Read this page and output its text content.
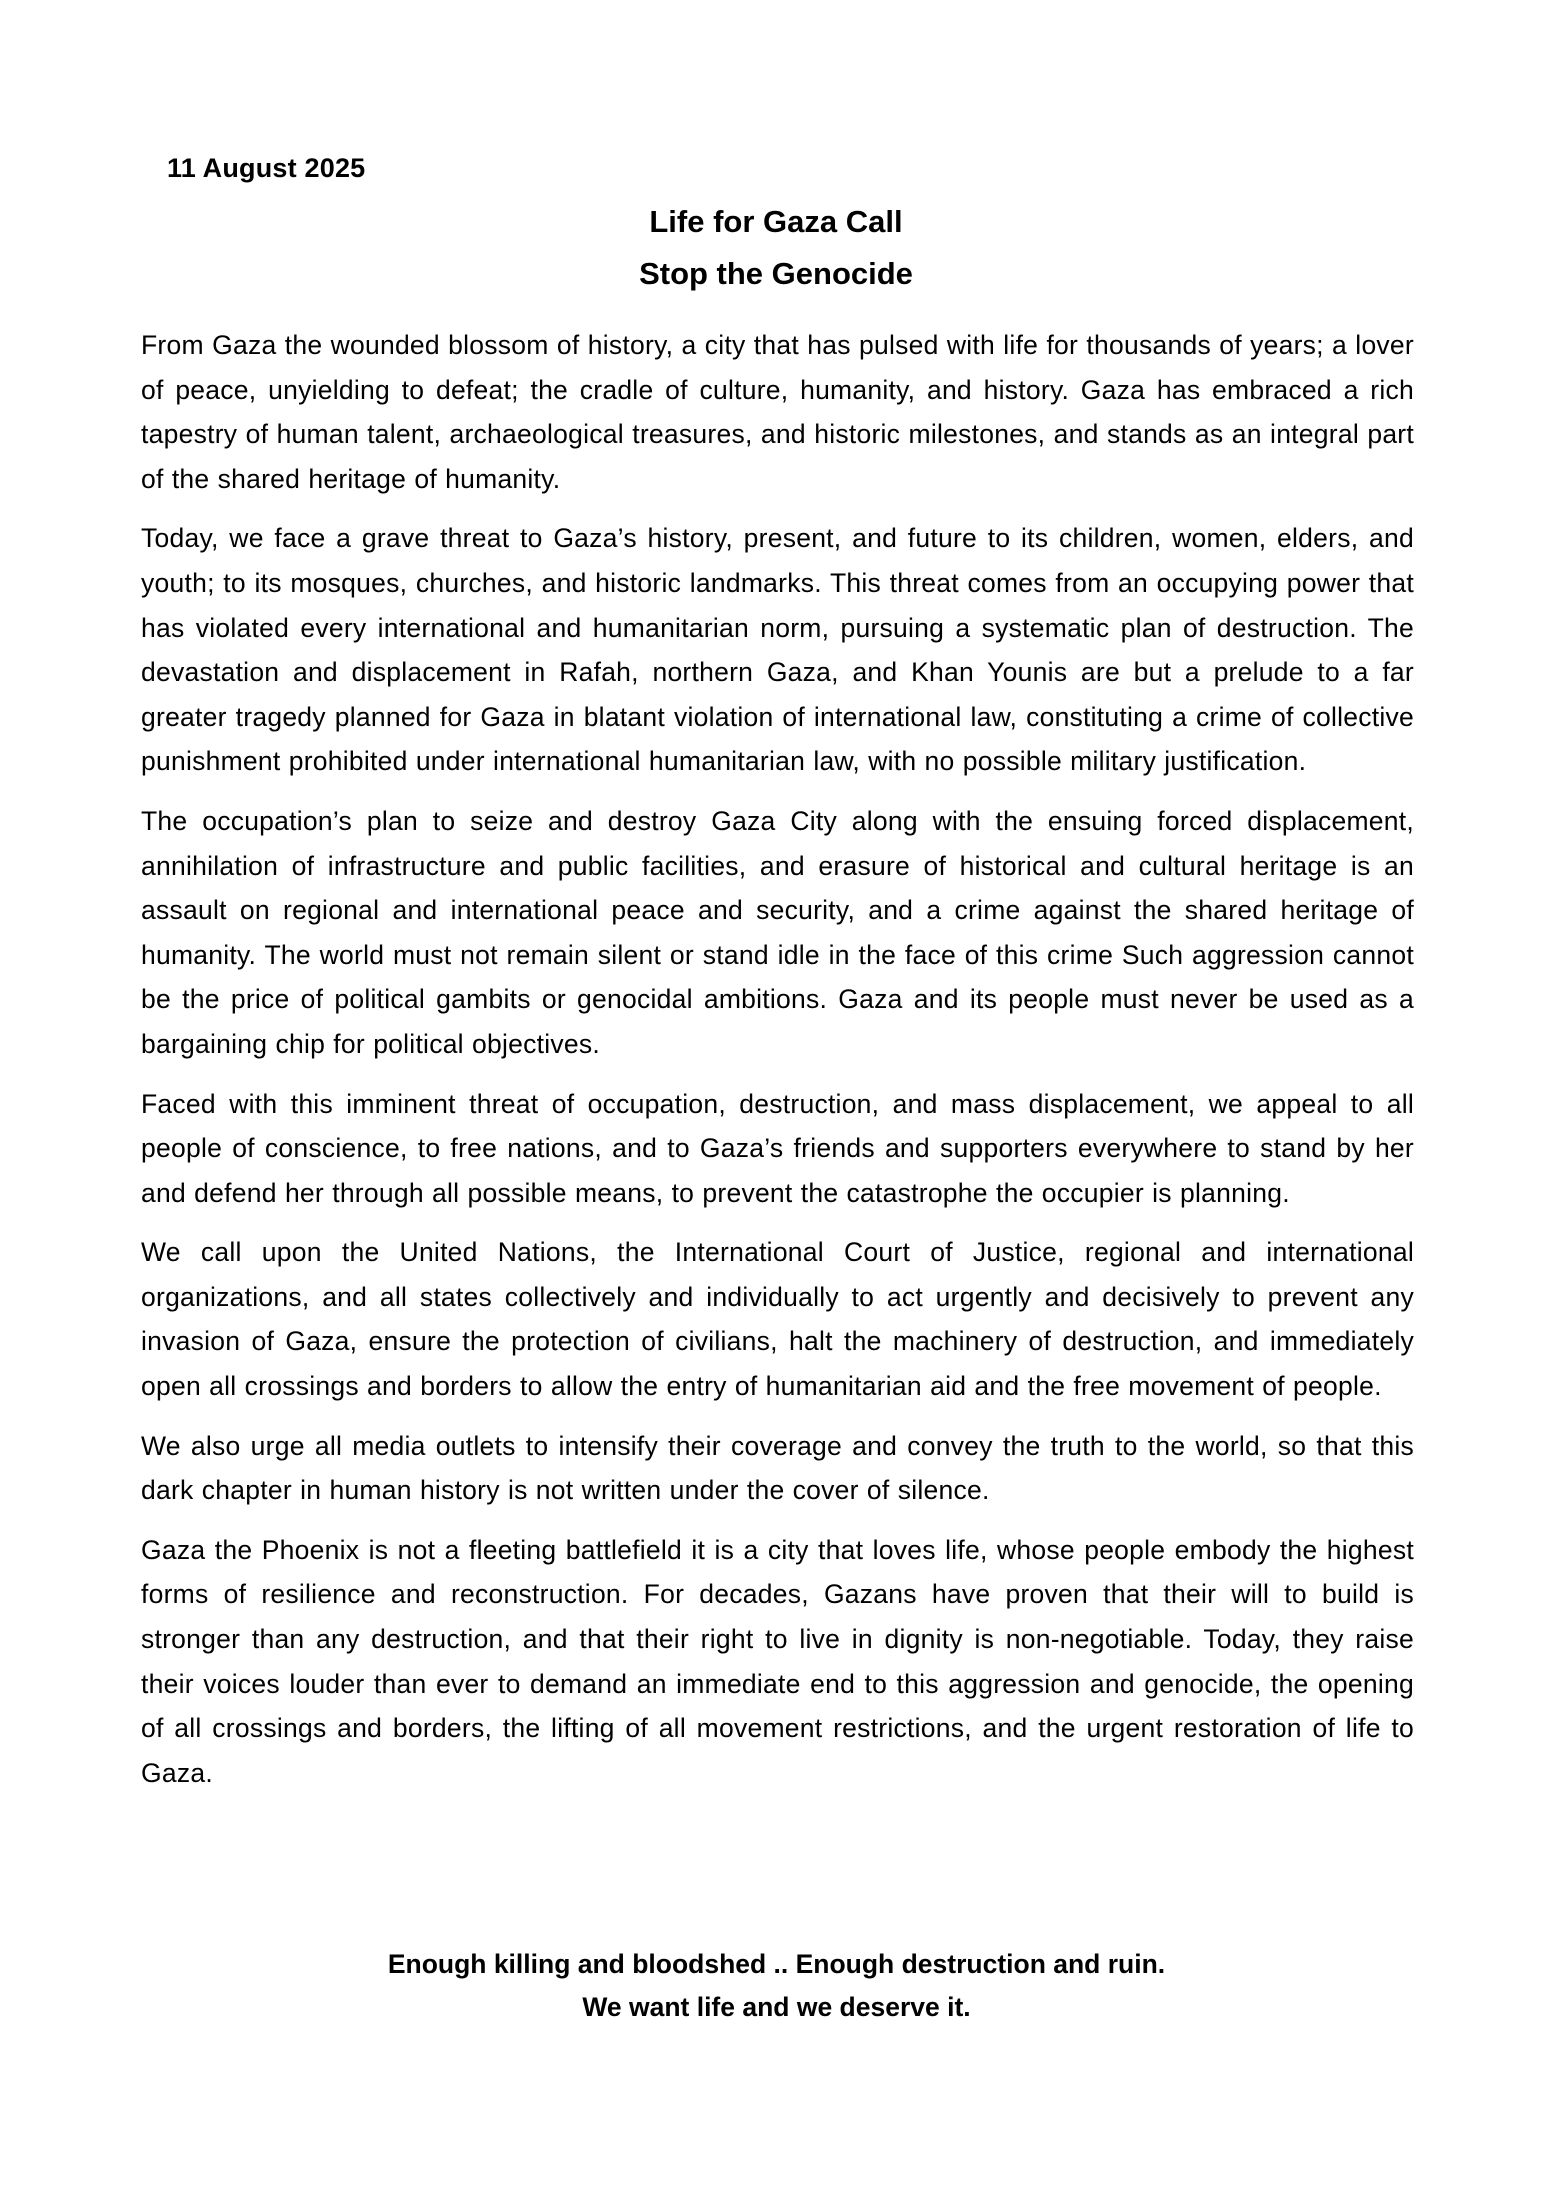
11 August 2025

Life for Gaza Call

Stop the Genocide

From Gaza the wounded blossom of history, a city that has pulsed with life for thousands of years; a lover of peace, unyielding to defeat; the cradle of culture, humanity, and history. Gaza has embraced a rich tapestry of human talent, archaeological treasures, and historic milestones, and stands as an integral part of the shared heritage of humanity.

Today, we face a grave threat to Gaza’s history, present, and future to its children, women, elders, and youth; to its mosques, churches, and historic landmarks. This threat comes from an occupying power that has violated every international and humanitarian norm, pursuing a systematic plan of destruction. The devastation and displacement in Rafah, northern Gaza, and Khan Younis are but a prelude to a far greater tragedy planned for Gaza in blatant violation of international law, constituting a crime of collective punishment prohibited under international humanitarian law, with no possible military justification.

The occupation’s plan to seize and destroy Gaza City along with the ensuing forced displacement, annihilation of infrastructure and public facilities, and erasure of historical and cultural heritage is an assault on regional and international peace and security, and a crime against the shared heritage of humanity. The world must not remain silent or stand idle in the face of this crime Such aggression cannot be the price of political gambits or genocidal ambitions. Gaza and its people must never be used as a bargaining chip for political objectives.

Faced with this imminent threat of occupation, destruction, and mass displacement, we appeal to all people of conscience, to free nations, and to Gaza’s friends and supporters everywhere to stand by her and defend her through all possible means, to prevent the catastrophe the occupier is planning.

We call upon the United Nations, the International Court of Justice, regional and international organizations, and all states collectively and individually to act urgently and decisively to prevent any invasion of Gaza, ensure the protection of civilians, halt the machinery of destruction, and immediately open all crossings and borders to allow the entry of humanitarian aid and the free movement of people.

We also urge all media outlets to intensify their coverage and convey the truth to the world, so that this dark chapter in human history is not written under the cover of silence.

Gaza the Phoenix is not a fleeting battlefield it is a city that loves life, whose people embody the highest forms of resilience and reconstruction. For decades, Gazans have proven that their will to build is stronger than any destruction, and that their right to live in dignity is non-negotiable. Today, they raise their voices louder than ever to demand an immediate end to this aggression and genocide, the opening of all crossings and borders, the lifting of all movement restrictions, and the urgent restoration of life to Gaza.

Enough killing and bloodshed .. Enough destruction and ruin.

We want life and we deserve it.
